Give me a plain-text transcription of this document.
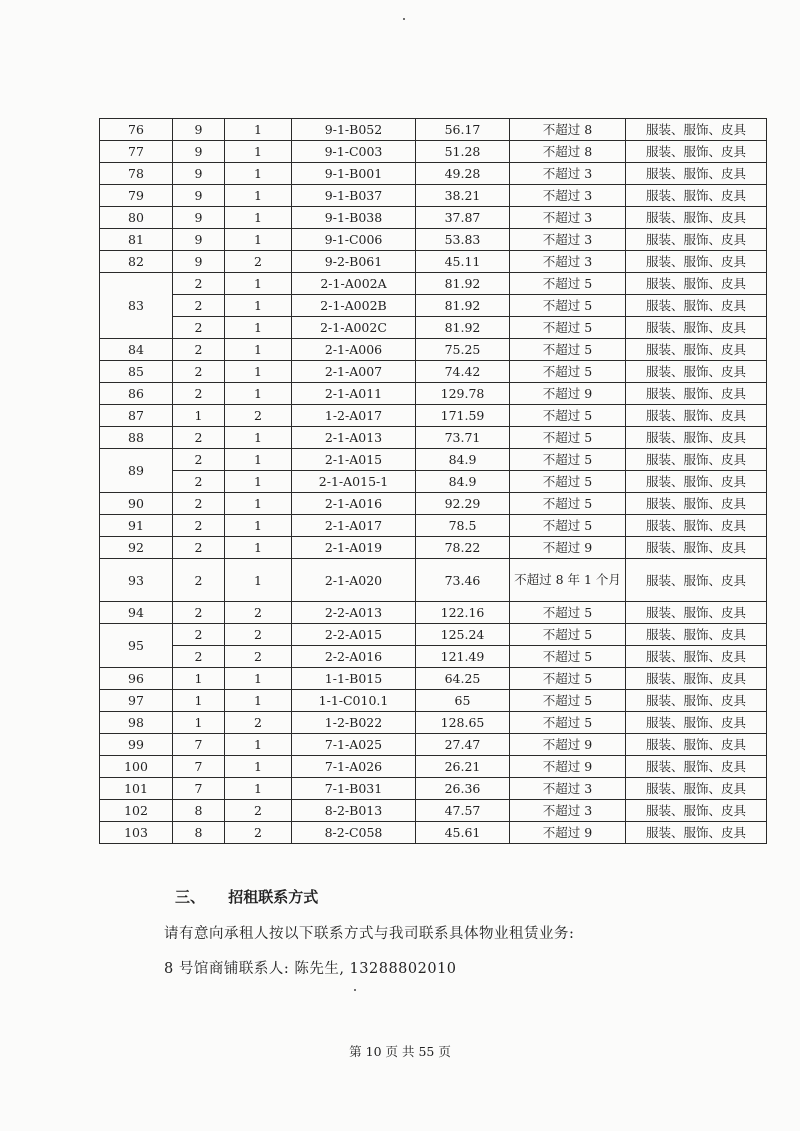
76	9	1	9-1-B052	56.17	不超过 8	服装、服饰、皮具
77	9	1	9-1-C003	51.28	不超过 8	服装、服饰、皮具
78	9	1	9-1-B001	49.28	不超过 3	服装、服饰、皮具
79	9	1	9-1-B037	38.21	不超过 3	服装、服饰、皮具
80	9	1	9-1-B038	37.87	不超过 3	服装、服饰、皮具
81	9	1	9-1-C006	53.83	不超过 3	服装、服饰、皮具
82	9	2	9-2-B061	45.11	不超过 3	服装、服饰、皮具
83	2	1	2-1-A002A	81.92	不超过 5	服装、服饰、皮具
	2	1	2-1-A002B	81.92	不超过 5	服装、服饰、皮具
	2	1	2-1-A002C	81.92	不超过 5	服装、服饰、皮具
84	2	1	2-1-A006	75.25	不超过 5	服装、服饰、皮具
85	2	1	2-1-A007	74.42	不超过 5	服装、服饰、皮具
86	2	1	2-1-A011	129.78	不超过 9	服装、服饰、皮具
87	1	2	1-2-A017	171.59	不超过 5	服装、服饰、皮具
88	2	1	2-1-A013	73.71	不超过 5	服装、服饰、皮具
89	2	1	2-1-A015	84.9	不超过 5	服装、服饰、皮具
	2	1	2-1-A015-1	84.9	不超过 5	服装、服饰、皮具
90	2	1	2-1-A016	92.29	不超过 5	服装、服饰、皮具
91	2	1	2-1-A017	78.5	不超过 5	服装、服饰、皮具
92	2	1	2-1-A019	78.22	不超过 9	服装、服饰、皮具
93	2	1	2-1-A020	73.46	不超过 8 年 1 个月	服装、服饰、皮具
94	2	2	2-2-A013	122.16	不超过 5	服装、服饰、皮具
95	2	2	2-2-A015	125.24	不超过 5	服装、服饰、皮具
	2	2	2-2-A016	121.49	不超过 5	服装、服饰、皮具
96	1	1	1-1-B015	64.25	不超过 5	服装、服饰、皮具
97	1	1	1-1-C010.1	65	不超过 5	服装、服饰、皮具
98	1	2	1-2-B022	128.65	不超过 5	服装、服饰、皮具
99	7	1	7-1-A025	27.47	不超过 9	服装、服饰、皮具
100	7	1	7-1-A026	26.21	不超过 9	服装、服饰、皮具
101	7	1	7-1-B031	26.36	不超过 3	服装、服饰、皮具
102	8	2	8-2-B013	47.57	不超过 3	服装、服饰、皮具
103	8	2	8-2-C058	45.61	不超过 9	服装、服饰、皮具
三、 招租联系方式
请有意向承租人按以下联系方式与我司联系具体物业租赁业务:
8 号馆商铺联系人: 陈先生, 13288802010
第 10 页 共 55 页
